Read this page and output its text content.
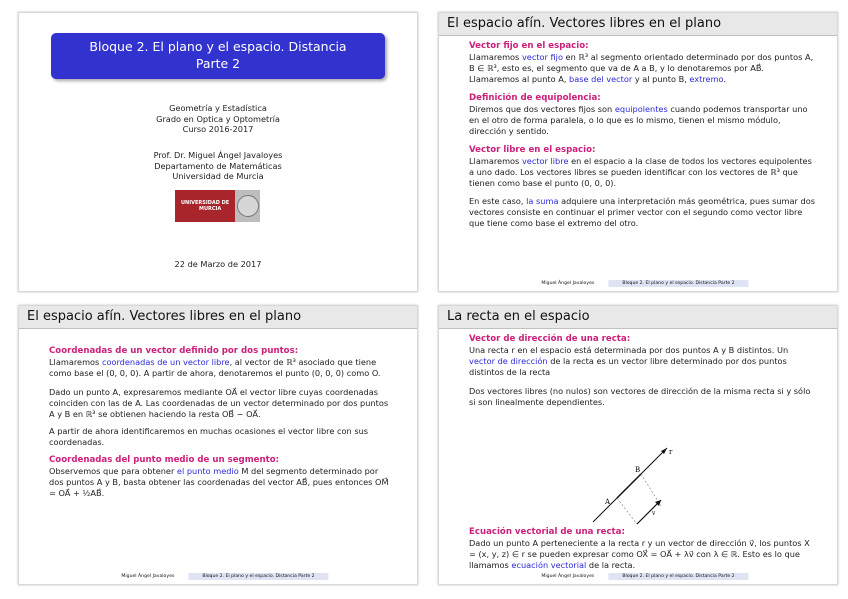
Bloque 2. El plano y el espacio. Distancia
Parte 2
Geometría y Estadística
Grado en Optica y Optometría
Curso 2016-2017
Prof. Dr. Miguel Ángel Javaloyes
Departamento de Matemáticas
Universidad de Murcia
UNIVERSIDAD DE
MURCIA
22 de Marzo de 2017
El espacio afín. Vectores libres en el plano
Vector fijo en el espacio:
Llamaremos vector fijo en ℝ³ al segmento orientado determinado por dos puntos A, B ∈ ℝ³, esto es, el segmento que va de A a B, y lo denotaremos por AB⃗. Llamaremos al punto A, base del vector y al punto B, extremo.
Definición de equipolencia:
Diremos que dos vectores fijos son equipolentes cuando podemos transportar uno en el otro de forma paralela, o lo que es lo mismo, tienen el mismo módulo, dirección y sentido.
Vector libre en el espacio:
Llamaremos vector libre en el espacio a la clase de todos los vectores equipolentes a uno dado. Los vectores libres se pueden identificar con los vectores de ℝ³ que tienen como base el punto (0, 0, 0).

En este caso, la suma adquiere una interpretación más geométrica, pues sumar dos vectores consiste en continuar el primer vector con el segundo como vector libre que tiene como base el extremo del otro.

Miguel Ángel Javaloyes	Bloque 2. El plano y el espacio. Distancia Parte 2
El espacio afín. Vectores libres en el plano
Coordenadas de un vector definido por dos puntos:
Llamaremos coordenadas de un vector libre, al vector de ℝ³ asociado que tiene como base el (0, 0, 0). A partir de ahora, denotaremos el punto (0, 0, 0) como O.

Dado un punto A, expresaremos mediante OA⃗ el vector libre cuyas coordenadas coinciden con las de A. Las coordenadas de un vector determinado por dos puntos A y B en ℝ³ se obtienen haciendo la resta OB⃗ − OA⃗.

A partir de ahora identificaremos en muchas ocasiones el vector libre con sus coordenadas.

Coordenadas del punto medio de un segmento:
Observemos que para obtener el punto medio M del segmento determinado por dos puntos A y B, basta obtener las coordenadas del vector AB⃗, pues entonces OM⃗ = OA⃗ + ½AB⃗.
Miguel Ángel Javaloyes	Bloque 2. El plano y el espacio. Distancia Parte 2
La recta en el espacio
Vector de dirección de una recta:
Una recta r en el espacio está determinada por dos puntos A y B distintos. Un vector de dirección de la recta es un vector libre determinado por dos puntos distintos de la recta

Dos vectores libres (no nulos) son vectores de dirección de la misma recta si y sólo si son linealmente dependientes.

B
A
r
v
Ecuación vectorial de una recta:
Dado un punto A perteneciente a la recta r y un vector de dirección v⃗, los puntos X = (x, y, z) ∈ r se pueden expresar como OX⃗ = OA⃗ + λv⃗ con λ ∈ ℝ. Esto es lo que llamamos ecuación vectorial de la recta.
Miguel Ángel Javaloyes	Bloque 2. El plano y el espacio. Distancia Parte 2
